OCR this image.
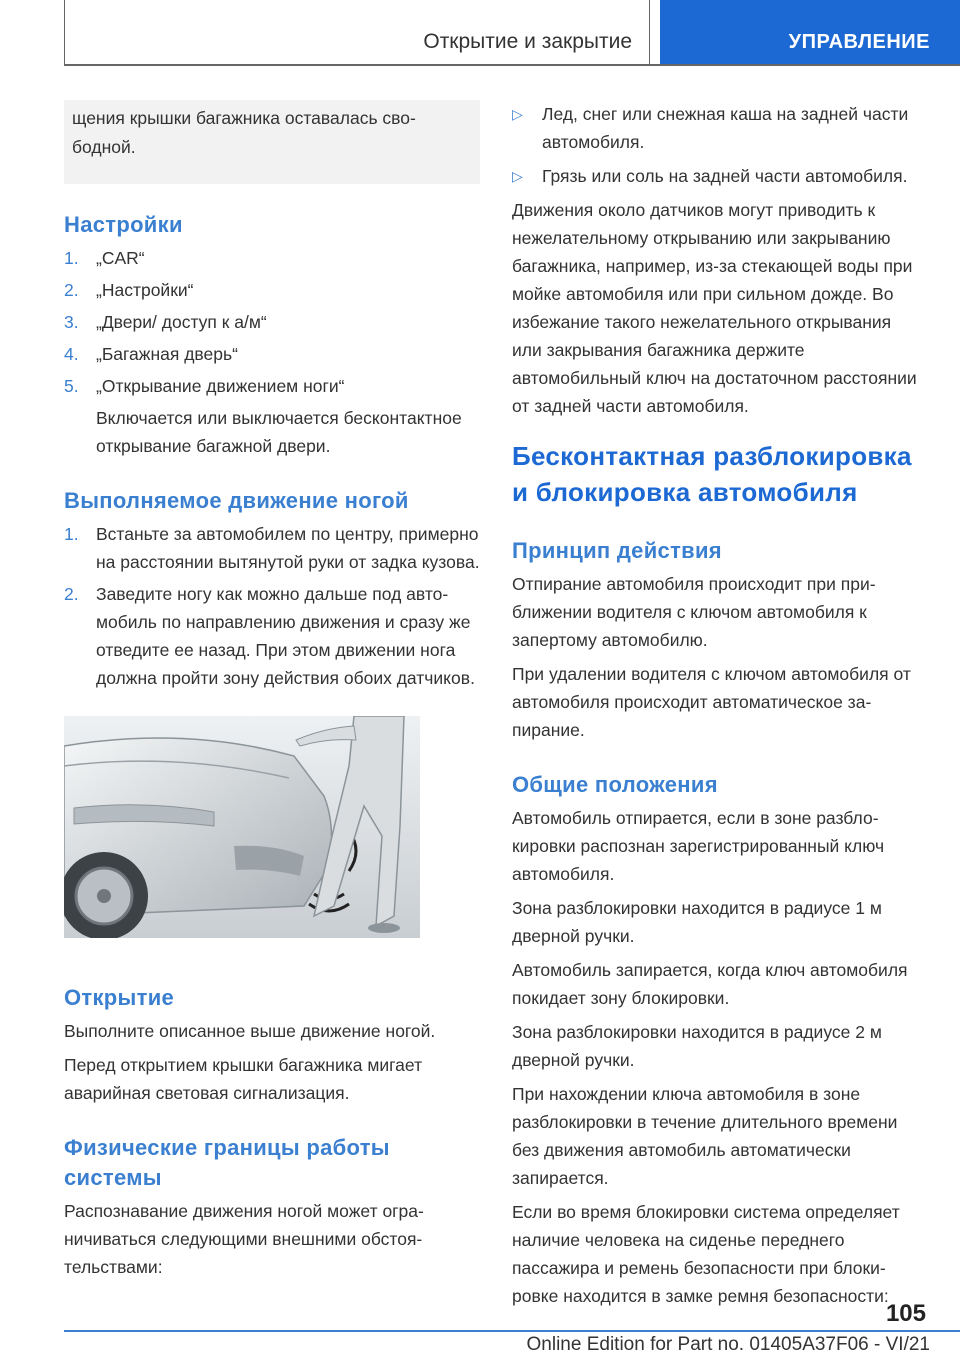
Открытие и закрытие	УПРАВЛЕНИЕ
щения крышки багажника оставалась свободной.
Настройки
1. „CAR“
2. „Настройки“
3. „Двери/ доступ к а/м“
4. „Багажная дверь“
5. „Открывание движением ноги“
Включается или выключается бесконтактное открывание багажной двери.
Выполняемое движение ногой
1. Встаньте за автомобилем по центру, примерно на расстоянии вытянутой руки от задка кузова.
2. Заведите ногу как можно дальше под автомобиль по направлению движения и сразу же отведите ее назад. При этом движении нога должна пройти зону действия обоих датчиков.
Открытие

Выполните описанное выше движение ногой.

Перед открытием крышки багажника мигает аварийная световая сигнализация.

Физические границы работы системы

Распознавание движения ногой может ограничиваться следующими внешними обстоятельствами:

▷ Лед, снег или снежная каша на задней части автомобиля.
▷ Грязь или соль на задней части автомобиля.

Движения около датчиков могут приводить к нежелательному открыванию или закрыванию багажника, например, из-за стекающей воды при мойке автомобиля или при сильном дожде. Во избежание такого нежелательного открывания или закрывания багажника держите автомобильный ключ на достаточном расстоянии от задней части автомобиля.

Бесконтактная разблокировка и блокировка автомобиля
Принцип действия

Отпирание автомобиля происходит при приближении водителя с ключом автомобиля к запертому автомобилю.

При удалении водителя с ключом автомобиля от автомобиля происходит автоматическое запирание.

Общие положения

Автомобиль отпирается, если в зоне разблокировки распознан зарегистрированный ключ автомобиля.

Зона разблокировки находится в радиусе 1 м дверной ручки.

Автомобиль запирается, когда ключ автомобиля покидает зону блокировки.

Зона разблокировки находится в радиусе 2 м дверной ручки.

При нахождении ключа автомобиля в зоне разблокировки в течение длительного времени без движения автомобиль автоматически запирается.

Если во время блокировки система определяет наличие человека на сиденье переднего пассажира и ремень безопасности при блокировке находится в замке ремня безопасности:

105
Online Edition for Part no. 01405A37F06 - VI/21
